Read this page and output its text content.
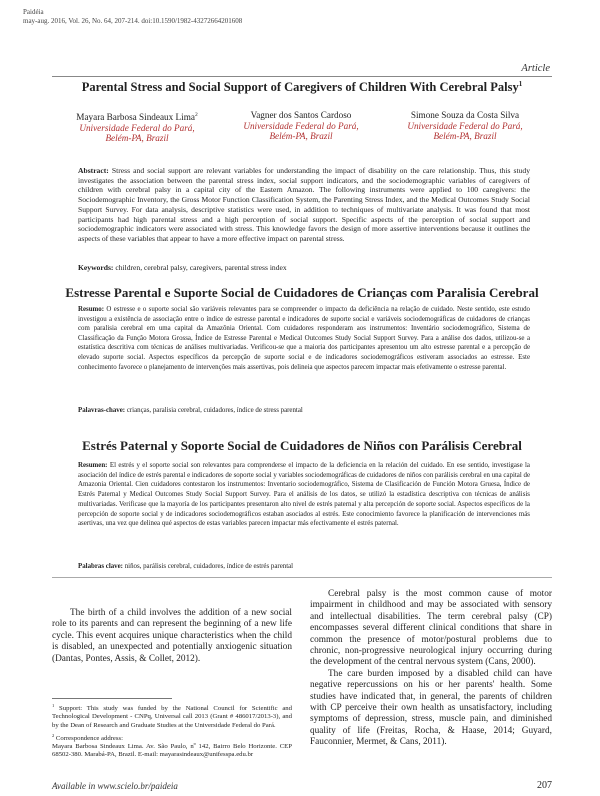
Paidéia
may-aug. 2016, Vol. 26, No. 64, 207-214. doi:10.1590/1982-43272664201608
Article
Parental Stress and Social Support of Caregivers of Children With Cerebral Palsy$^1$
Mayara Barbosa Sindeaux Lima$^2$
Universidade Federal do Pará,
Belém-PA, Brazil
Vagner dos Santos Cardoso
Universidade Federal do Pará,
Belém-PA, Brazil
Simone Souza da Costa Silva
Universidade Federal do Pará,
Belém-PA, Brazil
Abstract: Stress and social support are relevant variables for understanding the impact of disability on the care relationship. Thus, this study investigates the association between the parental stress index, social support indicators, and the sociodemographic variables of caregivers of children with cerebral palsy in a capital city of the Eastern Amazon. The following instruments were applied to 100 caregivers: the Sociodemographic Inventory, the Gross Motor Function Classification System, the Parenting Stress Index, and the Medical Outcomes Study Social Support Survey. For data analysis, descriptive statistics were used, in addition to techniques of multivariate analysis. It was found that most participants had high parental stress and a high perception of social support. Specific aspects of the perception of social support and sociodemographic indicators were associated with stress. This knowledge favors the design of more assertive interventions because it outlines the aspects of these variables that appear to have a more effective impact on parental stress.
Keywords: children, cerebral palsy, caregivers, parental stress index
Estresse Parental e Suporte Social de Cuidadores de Crianças com Paralisia Cerebral
Resumo: O estresse e o suporte social são variáveis relevantes para se compreender o impacto da deficiência na relação de cuidado. Neste sentido, este estudo investigou a existência de associação entre o índice de estresse parental e indicadores de suporte social e variáveis sociodemográficas de cuidadores de crianças com paralisia cerebral em uma capital da Amazônia Oriental. Com cuidadores responderam aos instrumentos: Inventário sociodemográfico, Sistema de Classificação da Função Motora Grossa, Índice de Estresse Parental e Medical Outcomes Study Social Support Survey. Para a análise dos dados, utilizou-se a estatística descritiva com técnicas de análises multivariadas. Verificou-se que a maioria dos participantes apresentou um alto estresse parental e a percepção de elevado suporte social. Aspectos específicos da percepção de suporte social e de indicadores sociodemográficos estiveram associados ao estresse. Este conhecimento favorece o planejamento de intervenções mais assertivas, pois delineia que aspectos parecem impactar mais efetivamente o estresse parental.
Palavras-chave: crianças, paralisia cerebral, cuidadores, índice de stress parental
Estrés Paternal y Soporte Social de Cuidadores de Niños con Parálisis Cerebral
Resumen: El estrés y el soporte social son relevantes para comprenderse el impacto de la deficiencia en la relación del cuidado. En ese sentido, investigase la asociación del índice de estrés parental e indicadores de soporte social y variables sociodemográficas de cuidadores de niños con parálisis cerebral en una capital de Amazonia Oriental. Cien cuidadores contestaron los instrumentos: Inventario sociodemográfico, Sistema de Clasificación de Función Motora Gruesa, Índice de Estrés Paternal y Medical Outcomes Study Social Support Survey. Para el análisis de los datos, se utilizó la estadística descriptiva con técnicas de análisis multivariadas. Verificase que la mayoría de los participantes presentaron alto nivel de estrés paternal y alta percepción de soporte social. Aspectos específicos de la percepción de soporte social y de indicadores sociodemográficos estaban asociados al estrés. Este conocimiento favorece la planificación de intervenciones más asertivas, una vez que delinea qué aspectos de estas variables parecen impactar más efectivamente el estrés paternal.
Palabras clave: niños, parálisis cerebral, cuidadores, índice de estrés parental

The birth of a child involves the addition of a new social role to its parents and can represent the beginning of a new life cycle. This event acquires unique characteristics when the child is disabled, an unexpected and potentially anxiogenic situation (Dantas, Pontes, Assis, & Collet, 2012).

Cerebral palsy is the most common cause of motor impairment in childhood and may be associated with sensory and intellectual disabilities. The term cerebral palsy (CP) encompasses several different clinical conditions that share in common the presence of motor/postural problems due to chronic, non-progressive neurological injury occurring during the development of the central nervous system (Cans, 2000).

The care burden imposed by a disabled child can have negative repercussions on his or her parents' health. Some studies have indicated that, in general, the parents of children with CP perceive their own health as unsatisfactory, including symptoms of depression, stress, muscle pain, and diminished quality of life (Freitas, Rocha, & Haase, 2014; Guyard, Fauconnier, Mermet, & Cans, 2011).

$^1$ Support: This study was funded by the National Council for Scientific and Technological Development - CNPq, Universal call 2013 (Grant # 486017/2013-3), and by the Dean of Research and Graduate Studies at the Universidade Federal do Pará.

$^2$ Correspondence address:

Mayara Barbosa Sindeaux Lima. Av. São Paulo, nº 142, Bairro Belo Horizonte. CEP 68502-380. Marabá-PA, Brazil. E-mail: mayarasindeaux@unifesspa.edu.br

Available in www.scielo.br/paideia	207
